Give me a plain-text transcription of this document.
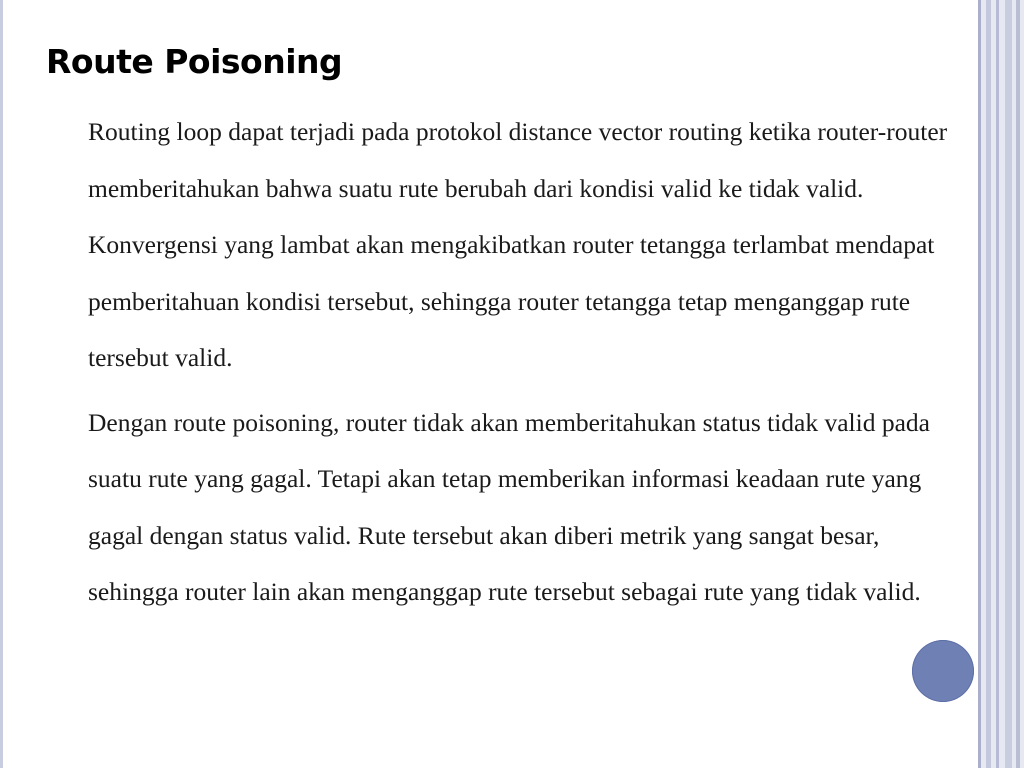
Route Poisoning

Routing loop dapat terjadi pada protokol distance vector routing ketika router-router memberitahukan bahwa suatu rute berubah dari kondisi valid ke tidak valid. Konvergensi yang lambat akan mengakibatkan router tetangga terlambat mendapat pemberitahuan kondisi tersebut, sehingga router tetangga tetap menganggap rute tersebut valid.

Dengan route poisoning, router tidak akan memberitahukan status tidak valid pada suatu rute yang gagal. Tetapi akan tetap memberikan informasi keadaan rute yang gagal dengan status valid. Rute tersebut akan diberi metrik yang sangat besar, sehingga router lain akan menganggap rute tersebut sebagai rute yang tidak valid.
